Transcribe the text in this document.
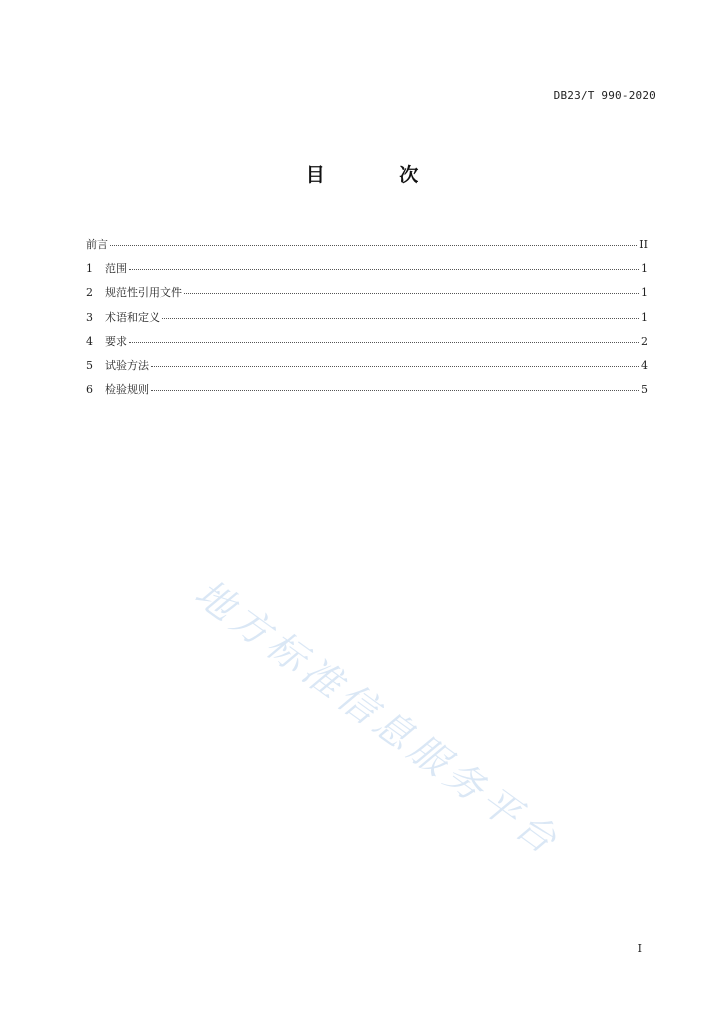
DB23/T 990-2020
目 次
前言	II
1	范围	1
2	规范性引用文件	1
3	术语和定义	1
4	要求	2
5	试验方法	4
6	检验规则	5
地方标准信息服务平台
I
